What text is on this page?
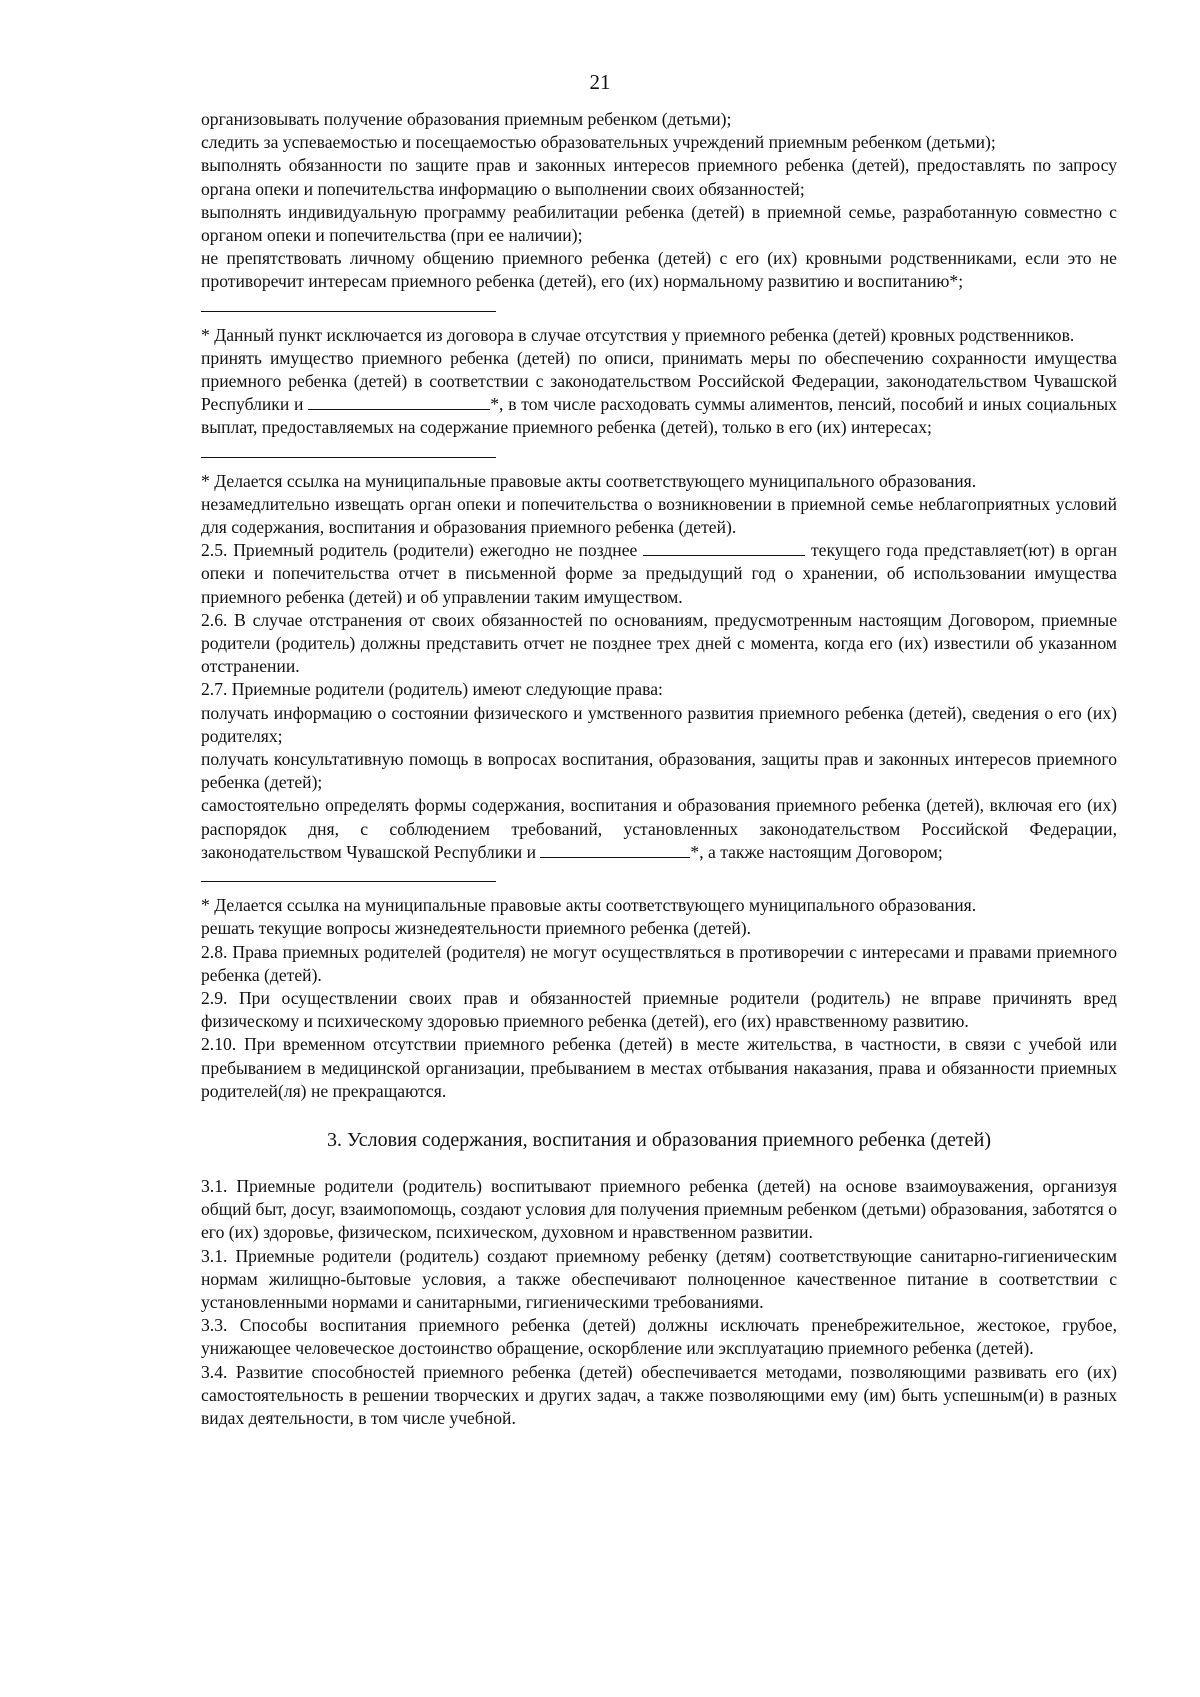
21

организовывать получение образования приемным ребенком (детьми);

следить за успеваемостью и посещаемостью образовательных учреждений приемным ребенком (детьми);

выполнять обязанности по защите прав и законных интересов приемного ребенка (детей), предоставлять по запросу органа опеки и попечительства информацию о выполнении своих обязанностей;

выполнять индивидуальную программу реабилитации ребенка (детей) в приемной семье, разработанную совместно с органом опеки и попечительства (при ее наличии);

не препятствовать личному общению приемного ребенка (детей) с его (их) кровными родственниками, если это не противоречит интересам приемного ребенка (детей), его (их) нормальному развитию и воспитанию*;

* Данный пункт исключается из договора в случае отсутствия у приемного ребенка (детей) кровных родственников.

принять имущество приемного ребенка (детей) по описи, принимать меры по обеспечению сохранности имущества приемного ребенка (детей) в соответствии с законодательством Российской Федерации, законодательством Чувашской Республики и	*, в том числе расходовать суммы алиментов, пенсий, пособий и иных социальных выплат, предоставляемых на содержание приемного ребенка (детей), только в его (их) интересах;

* Делается ссылка на муниципальные правовые акты соответствующего муниципального образования.

незамедлительно извещать орган опеки и попечительства о возникновении в приемной семье неблагоприятных условий для содержания, воспитания и образования приемного ребенка (детей).

2.5. Приемный родитель (родители) ежегодно не позднее	текущего года представляет(ют) в орган опеки и попечительства отчет в письменной форме за предыдущий год о хранении, об использовании имущества приемного ребенка (детей) и об управлении таким имуществом.

2.6. В случае отстранения от своих обязанностей по основаниям, предусмотренным настоящим Договором, приемные родители (родитель) должны представить отчет не позднее трех дней с момента, когда его (их) известили об указанном отстранении.

2.7. Приемные родители (родитель) имеют следующие права:

получать информацию о состоянии физического и умственного развития приемного ребенка (детей), сведения о его (их) родителях;

получать консультативную помощь в вопросах воспитания, образования, защиты прав и законных интересов приемного ребенка (детей);

самостоятельно определять формы содержания, воспитания и образования приемного ребенка (детей), включая его (их) распорядок дня, с соблюдением требований, установленных законодательством Российской Федерации, законодательством Чувашской Республики и	*, а также настоящим Договором;

* Делается ссылка на муниципальные правовые акты соответствующего муниципального образования.

решать текущие вопросы жизнедеятельности приемного ребенка (детей).

2.8. Права приемных родителей (родителя) не могут осуществляться в противоречии с интересами и правами приемного ребенка (детей).

2.9. При осуществлении своих прав и обязанностей приемные родители (родитель) не вправе причинять вред физическому и психическому здоровью приемного ребенка (детей), его (их) нравственному развитию.

2.10. При временном отсутствии приемного ребенка (детей) в месте жительства, в частности, в связи с учебой или пребыванием в медицинской организации, пребыванием в местах отбывания наказания, права и обязанности приемных родителей(ля) не прекращаются.

3. Условия содержания, воспитания и образования приемного ребенка (детей)

3.1. Приемные родители (родитель) воспитывают приемного ребенка (детей) на основе взаимоуважения, организуя общий быт, досуг, взаимопомощь, создают условия для получения приемным ребенком (детьми) образования, заботятся о его (их) здоровье, физическом, психическом, духовном и нравственном развитии.

3.1. Приемные родители (родитель) создают приемному ребенку (детям) соответствующие санитарно-гигиеническим нормам жилищно-бытовые условия, а также обеспечивают полноценное качественное питание в соответствии с установленными нормами и санитарными, гигиеническими требованиями.

3.3. Способы воспитания приемного ребенка (детей) должны исключать пренебрежительное, жестокое, грубое, унижающее человеческое достоинство обращение, оскорбление или эксплуатацию приемного ребенка (детей).

3.4. Развитие способностей приемного ребенка (детей) обеспечивается методами, позволяющими развивать его (их) самостоятельность в решении творческих и других задач, а также позволяющими ему (им) быть успешным(и) в разных видах деятельности, в том числе учебной.
